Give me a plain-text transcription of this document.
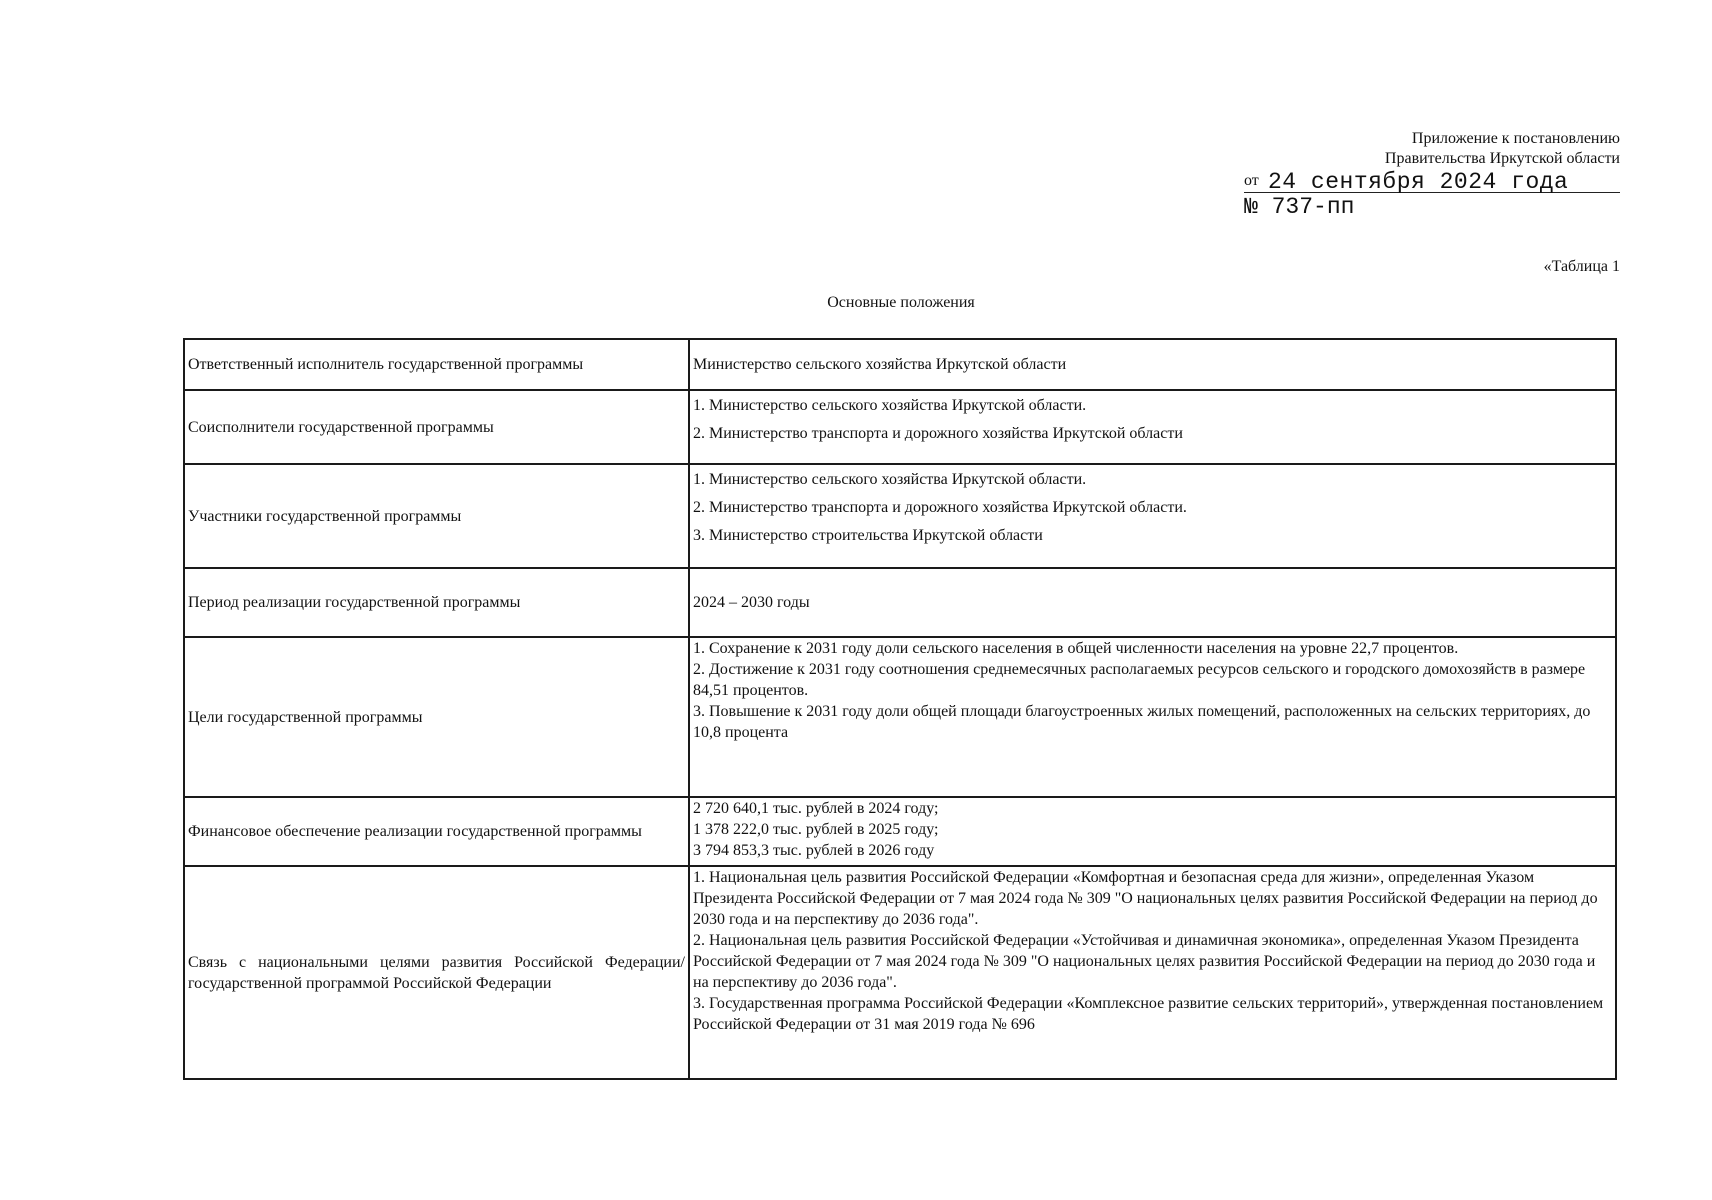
Приложение к постановлению
Правительства Иркутской области
от 24 сентября 2024 года
№ 737-пп
«Таблица 1
Основные положения
Ответственный исполнитель государственной программы	Министерство сельского хозяйства Иркутской области

Соисполнители государственной программы	1. Министерство сельского хозяйства Иркутской области.

2. Министерство транспорта и дорожного хозяйства Иркутской области

Участники государственной программы	1. Министерство сельского хозяйства Иркутской области.

2. Министерство транспорта и дорожного хозяйства Иркутской области.

3. Министерство строительства Иркутской области

Период реализации государственной программы	2024 – 2030 годы

Цели государственной программы	1. Сохранение к 2031 году доли сельского населения в общей численности населения на уровне 22,7 процентов.

2. Достижение к 2031 году соотношения среднемесячных располагаемых ресурсов сельского и городского домохозяйств в размере 84,51 процентов.

3. Повышение к 2031 году доли общей площади благоустроенных жилых помещений, расположенных на сельских территориях, до 10,8 процента

Финансовое обеспечение реализации государственной программы	2 720 640,1 тыс. рублей в 2024 году;

1 378 222,0 тыс. рублей в 2025 году;

3 794 853,3 тыс. рублей в 2026 году

Связь с национальными целями развития Российской Федерации/государственной программой Российской Федерации	1. Национальная цель развития Российской Федерации «Комфортная и безопасная среда для жизни», определенная Указом Президента Российской Федерации от 7 мая 2024 года № 309 "О национальных целях развития Российской Федерации на период до 2030 года и на перспективу до 2036 года".

2. Национальная цель развития Российской Федерации «Устойчивая и динамичная экономика», определенная Указом Президента Российской Федерации от 7 мая 2024 года № 309 "О национальных целях развития Российской Федерации на период до 2030 года и на перспективу до 2036 года".

3. Государственная программа Российской Федерации «Комплексное развитие сельских территорий», утвержденная постановлением Российской Федерации от 31 мая 2019 года № 696
